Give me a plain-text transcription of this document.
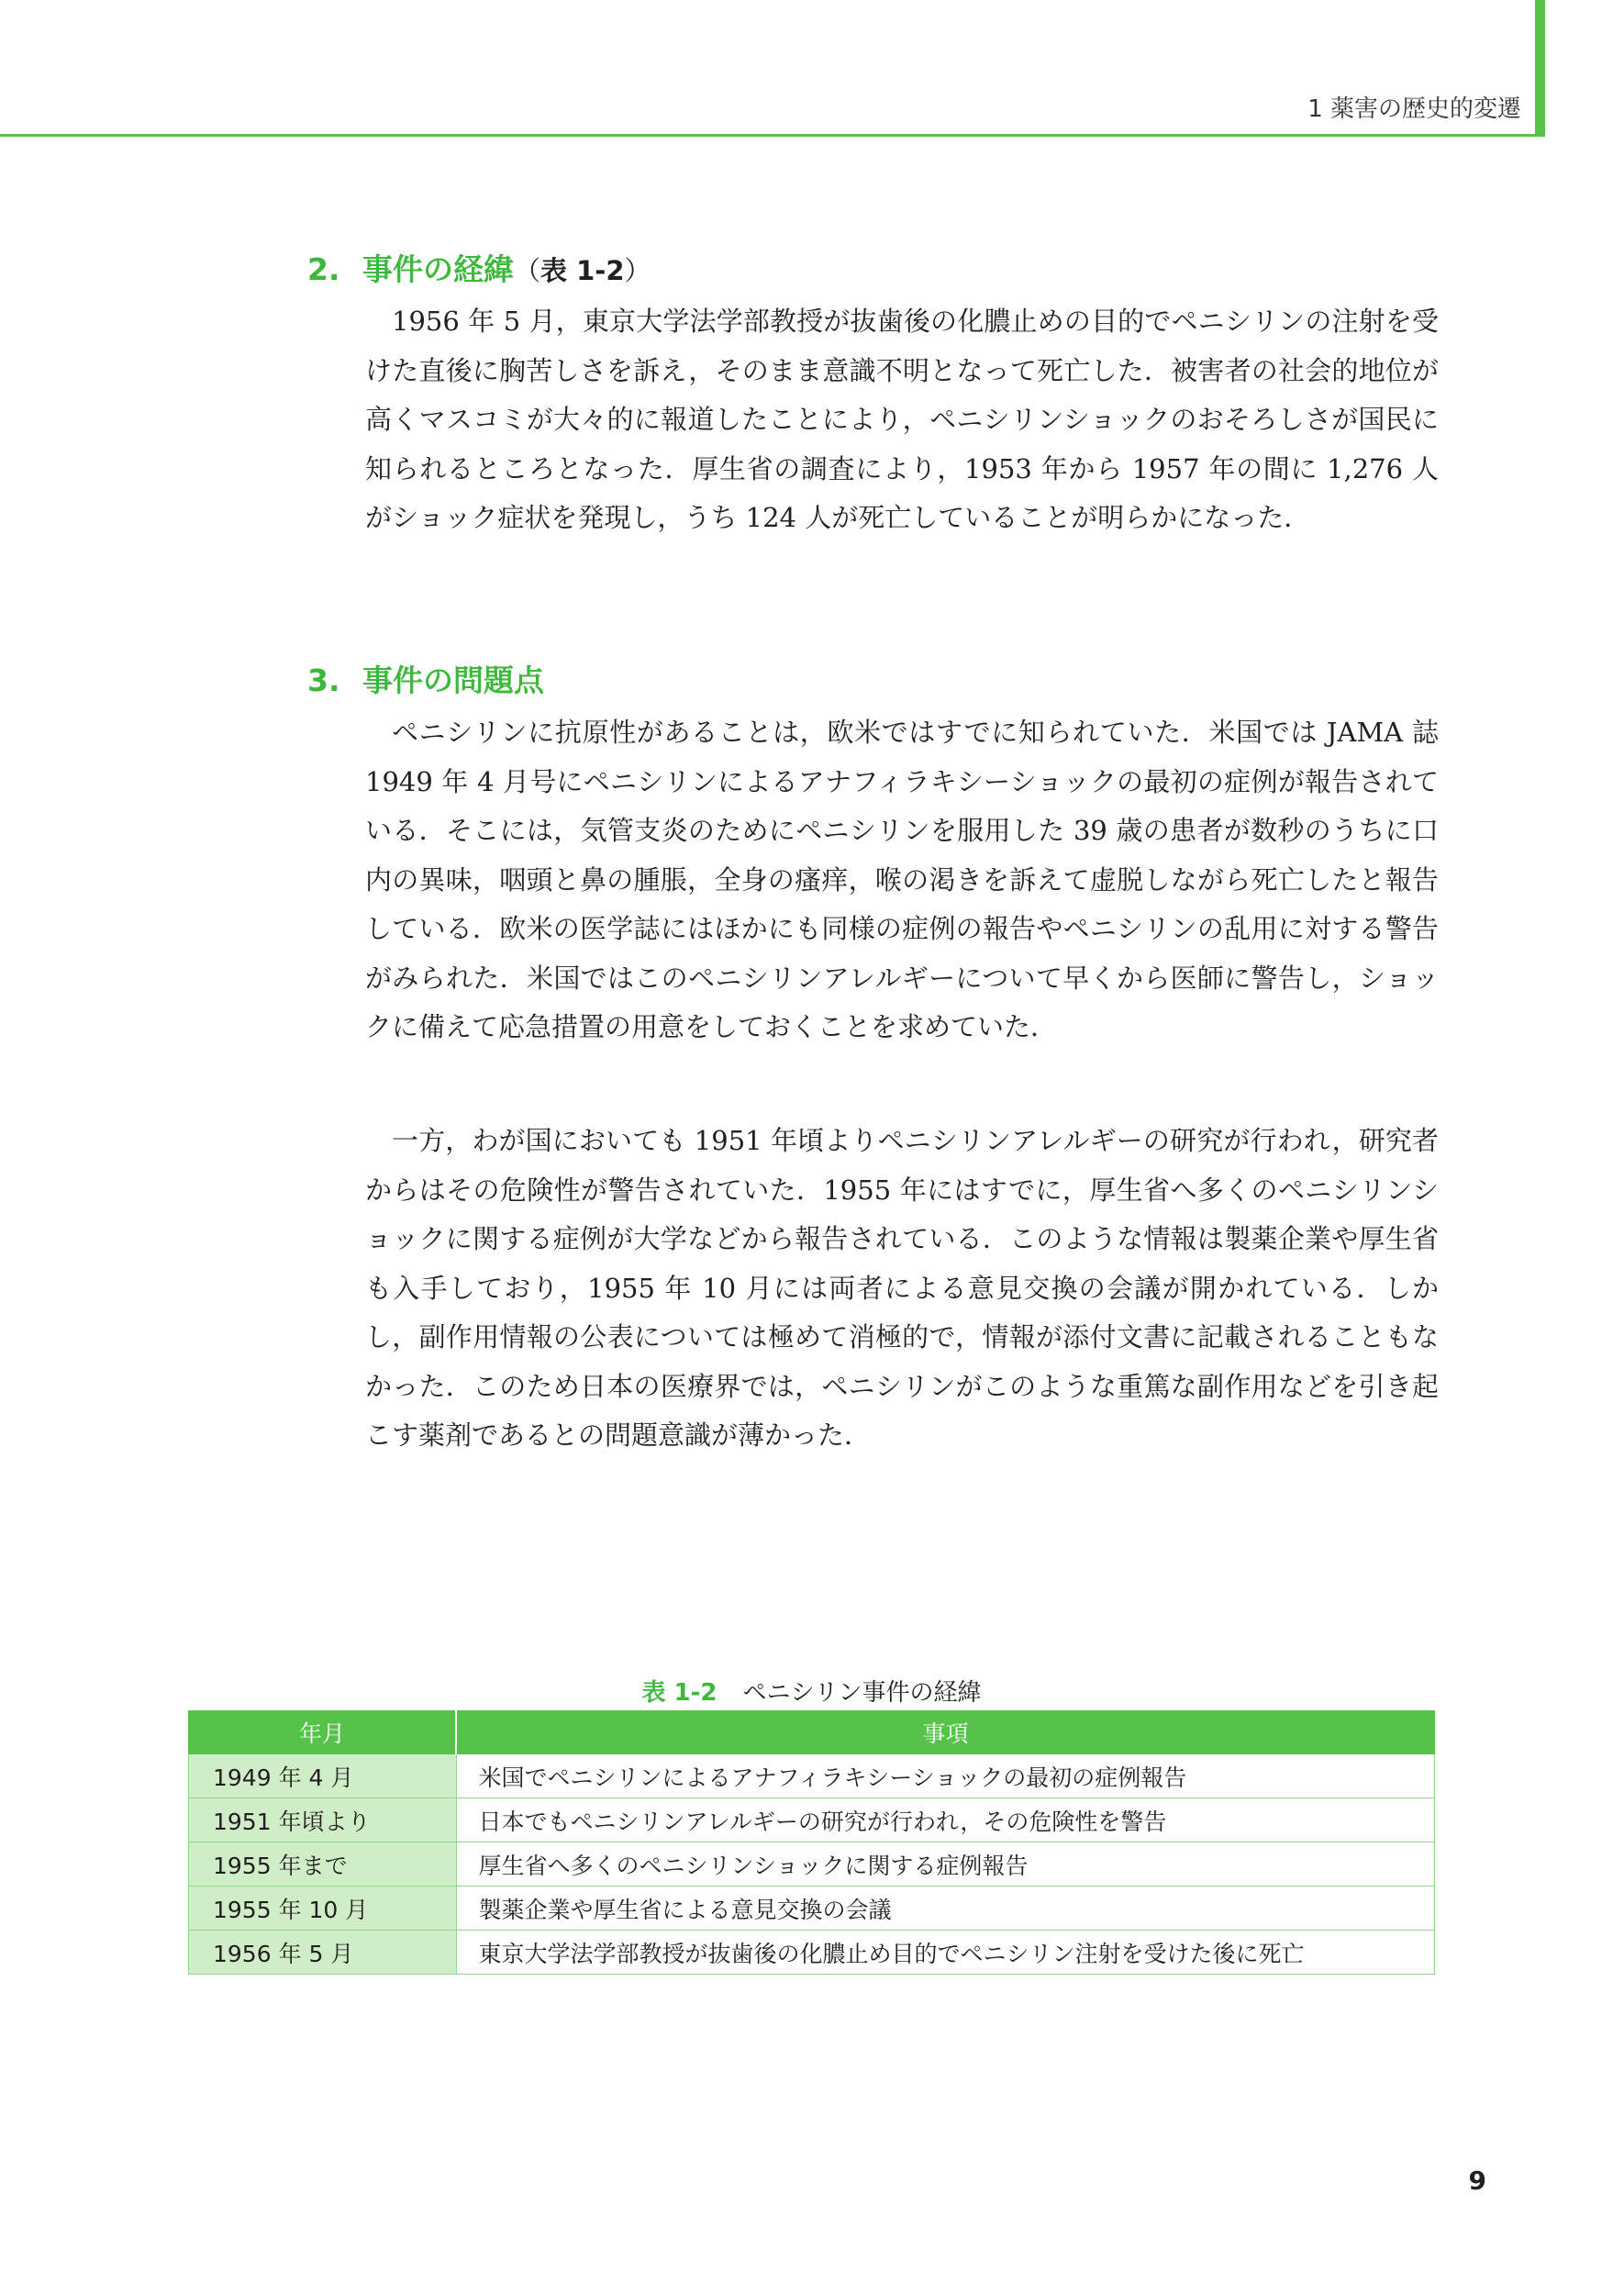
1 薬害の歴史的変遷
2. 事件の経緯（表 1-2）

1956 年 5 月，東京大学法学部教授が抜歯後の化膿止めの目的でペニシリンの注射を受けた直後に胸苦しさを訴え，そのまま意識不明となって死亡した．被害者の社会的地位が高くマスコミが大々的に報道したことにより，ペニシリンショックのおそろしさが国民に知られるところとなった．厚生省の調査により，1953 年から 1957 年の間に 1,276 人がショック症状を発現し，うち 124 人が死亡していることが明らかになった．

3. 事件の問題点

ペニシリンに抗原性があることは，欧米ではすでに知られていた．米国では JAMA 誌 1949 年 4 月号にペニシリンによるアナフィラキシーショックの最初の症例が報告されている．そこには，気管支炎のためにペニシリンを服用した 39 歳の患者が数秒のうちに口内の異味，咽頭と鼻の腫脹，全身の瘙痒，喉の渇きを訴えて虚脱しながら死亡したと報告している．欧米の医学誌にはほかにも同様の症例の報告やペニシリンの乱用に対する警告がみられた．米国ではこのペニシリンアレルギーについて早くから医師に警告し，ショックに備えて応急措置の用意をしておくことを求めていた．

一方，わが国においても 1951 年頃よりペニシリンアレルギーの研究が行われ，研究者からはその危険性が警告されていた．1955 年にはすでに，厚生省へ多くのペニシリンショックに関する症例が大学などから報告されている．このような情報は製薬企業や厚生省も入手しており，1955 年 10 月には両者による意見交換の会議が開かれている．しかし，副作用情報の公表については極めて消極的で，情報が添付文書に記載されることもなかった．このため日本の医療界では，ペニシリンがこのような重篤な副作用などを引き起こす薬剤であるとの問題意識が薄かった．

表 1-2 ペニシリン事件の経緯
年月	事項
1949 年 4 月	米国でペニシリンによるアナフィラキシーショックの最初の症例報告
1951 年頃より	日本でもペニシリンアレルギーの研究が行われ，その危険性を警告
1955 年まで	厚生省へ多くのペニシリンショックに関する症例報告
1955 年 10 月	製薬企業や厚生省による意見交換の会議
1956 年 5 月	東京大学法学部教授が抜歯後の化膿止め目的でペニシリン注射を受けた後に死亡
9
